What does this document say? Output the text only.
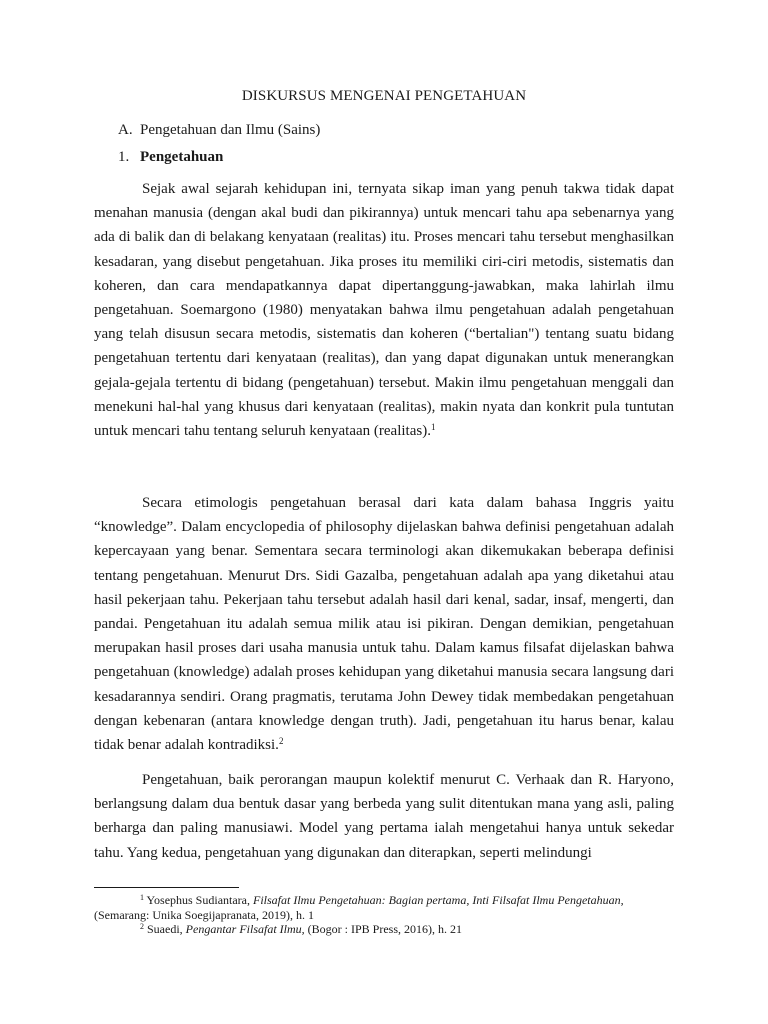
DISKURSUS MENGENAI PENGETAHUAN
A. Pengetahuan dan Ilmu (Sains)
1. Pengetahuan

Sejak awal sejarah kehidupan ini, ternyata sikap iman yang penuh takwa tidak dapat menahan manusia (dengan akal budi dan pikirannya) untuk mencari tahu apa sebenarnya yang ada di balik dan di belakang kenyataan (realitas) itu. Proses mencari tahu tersebut menghasilkan kesadaran, yang disebut pengetahuan. Jika proses itu memiliki ciri-ciri metodis, sistematis dan koheren, dan cara mendapatkannya dapat dipertanggung-jawabkan, maka lahirlah ilmu pengetahuan. Soemargono (1980) menyatakan bahwa ilmu pengetahuan adalah pengetahuan yang telah disusun secara metodis, sistematis dan koheren (“bertalian") tentang suatu bidang pengetahuan tertentu dari kenyataan (realitas), dan yang dapat digunakan untuk menerangkan gejala-gejala tertentu di bidang (pengetahuan) tersebut. Makin ilmu pengetahuan menggali dan menekuni hal-hal yang khusus dari kenyataan (realitas), makin nyata dan konkrit pula tuntutan untuk mencari tahu tentang seluruh kenyataan (realitas).$^1$

Secara etimologis pengetahuan berasal dari kata dalam bahasa Inggris yaitu “knowledge”. Dalam encyclopedia of philosophy dijelaskan bahwa definisi pengetahuan adalah kepercayaan yang benar. Sementara secara terminologi akan dikemukakan beberapa definisi tentang pengetahuan. Menurut Drs. Sidi Gazalba, pengetahuan adalah apa yang diketahui atau hasil pekerjaan tahu. Pekerjaan tahu tersebut adalah hasil dari kenal, sadar, insaf, mengerti, dan pandai. Pengetahuan itu adalah semua milik atau isi pikiran. Dengan demikian, pengetahuan merupakan hasil proses dari usaha manusia untuk tahu. Dalam kamus filsafat dijelaskan bahwa pengetahuan (knowledge) adalah proses kehidupan yang diketahui manusia secara langsung dari kesadarannya sendiri. Orang pragmatis, terutama John Dewey tidak membedakan pengetahuan dengan kebenaran (antara knowledge dengan truth). Jadi, pengetahuan itu harus benar, kalau tidak benar adalah kontradiksi.$^2$

Pengetahuan, baik perorangan maupun kolektif menurut C. Verhaak dan R. Haryono, berlangsung dalam dua bentuk dasar yang berbeda yang sulit ditentukan mana yang asli, paling berharga dan paling manusiawi. Model yang pertama ialah mengetahui hanya untuk sekedar tahu. Yang kedua, pengetahuan yang digunakan dan diterapkan, seperti melindungi

$^1$ Yosephus Sudiantara, Filsafat Ilmu Pengetahuan: Bagian pertama, Inti Filsafat Ilmu Pengetahuan, (Semarang: Unika Soegijapranata, 2019), h. 1

$^2$ Suaedi, Pengantar Filsafat Ilmu, (Bogor : IPB Press, 2016), h. 21
